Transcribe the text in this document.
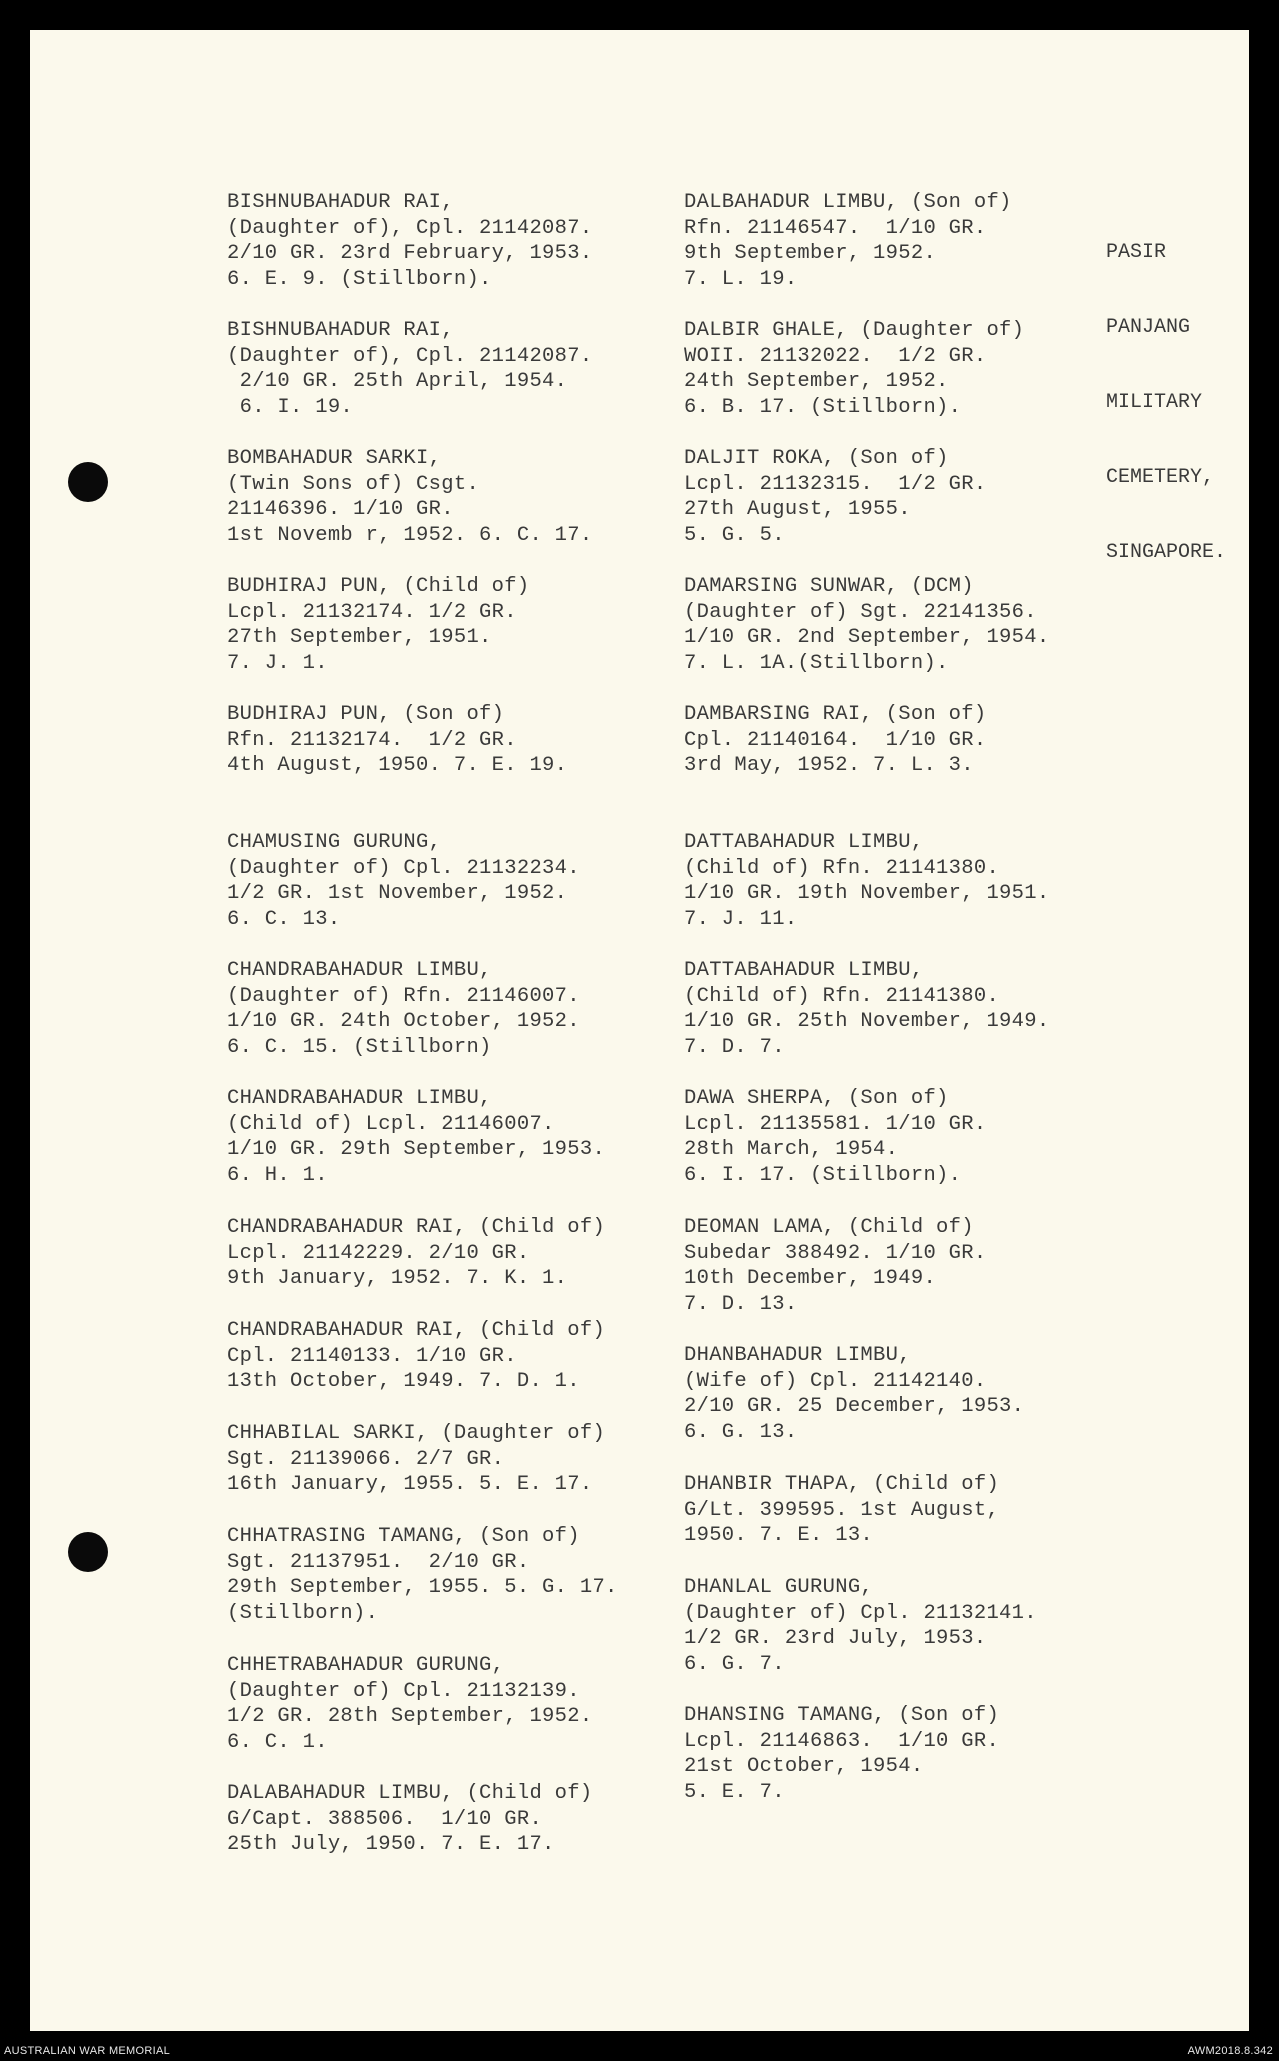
BISHNUBAHADUR RAI,
(Daughter of), Cpl. 21142087.
2/10 GR. 23rd February, 1953.
6. E. 9. (Stillborn).
BISHNUBAHADUR RAI,
(Daughter of), Cpl. 21142087.
2/10 GR. 25th April, 1954.
6. I. 19.
BOMBAHADUR SARKI,
(Twin Sons of) Csgt.
21146396. 1/10 GR.
1st Novemb r, 1952. 6. C. 17.
BUDHIRAJ PUN, (Child of)
Lcpl. 21132174. 1/2 GR.
27th September, 1951.
7. J. 1.
BUDHIRAJ PUN, (Son of)
Rfn. 21132174.  1/2 GR.
4th August, 1950. 7. E. 19.
CHAMUSING GURUNG,
(Daughter of) Cpl. 21132234.
1/2 GR. 1st November, 1952.
6. C. 13.
CHANDRABAHADUR LIMBU,
(Daughter of) Rfn. 21146007.
1/10 GR. 24th October, 1952.
6. C. 15. (Stillborn)
CHANDRABAHADUR LIMBU,
(Child of) Lcpl. 21146007.
1/10 GR. 29th September, 1953.
6. H. 1.
CHANDRABAHADUR RAI, (Child of)
Lcpl. 21142229. 2/10 GR.
9th January, 1952. 7. K. 1.
CHANDRABAHADUR RAI, (Child of)
Cpl. 21140133. 1/10 GR.
13th October, 1949. 7. D. 1.
CHHABILAL SARKI, (Daughter of)
Sgt. 21139066. 2/7 GR.
16th January, 1955. 5. E. 17.
CHHATRASING TAMANG, (Son of)
Sgt. 21137951.  2/10 GR.
29th September, 1955. 5. G. 17.
(Stillborn).
CHHETRABAHADUR GURUNG,
(Daughter of) Cpl. 21132139.
1/2 GR. 28th September, 1952.
6. C. 1.
DALABAHADUR LIMBU, (Child of)
G/Capt. 388506.  1/10 GR.
25th July, 1950. 7. E. 17.
DALBAHADUR LIMBU, (Son of)
Rfn. 21146547.  1/10 GR.
9th September, 1952.
7. L. 19.
DALBIR GHALE, (Daughter of)
WOII. 21132022.  1/2 GR.
24th September, 1952.
6. B. 17. (Stillborn).
DALJIT ROKA, (Son of)
Lcpl. 21132315.  1/2 GR.
27th August, 1955.
5. G. 5.
DAMARSING SUNWAR, (DCM)
(Daughter of) Sgt. 22141356.
1/10 GR. 2nd September, 1954.
7. L. 1A.(Stillborn).
DAMBARSING RAI, (Son of)
Cpl. 21140164.  1/10 GR.
3rd May, 1952. 7. L. 3.
DATTABAHADUR LIMBU,
(Child of) Rfn. 21141380.
1/10 GR. 19th November, 1951.
7. J. 11.
DATTABAHADUR LIMBU,
(Child of) Rfn. 21141380.
1/10 GR. 25th November, 1949.
7. D. 7.
DAWA SHERPA, (Son of)
Lcpl. 21135581. 1/10 GR.
28th March, 1954.
6. I. 17. (Stillborn).
DEOMAN LAMA, (Child of)
Subedar 388492. 1/10 GR.
10th December, 1949.
7. D. 13.
DHANBAHADUR LIMBU,
(Wife of) Cpl. 21142140.
2/10 GR. 25 December, 1953.
6. G. 13.
DHANBIR THAPA, (Child of)
G/Lt. 399595. 1st August,
1950. 7. E. 13.
DHANLAL GURUNG,
(Daughter of) Cpl. 21132141.
1/2 GR. 23rd July, 1953.
6. G. 7.
DHANSING TAMANG, (Son of)
Lcpl. 21146863.  1/10 GR.
21st October, 1954.
5. E. 7.

PASIR

PANJANG

MILITARY

CEMETERY,

SINGAPORE.

AUSTRALIAN WAR MEMORIAL	AWM2018.8.342
